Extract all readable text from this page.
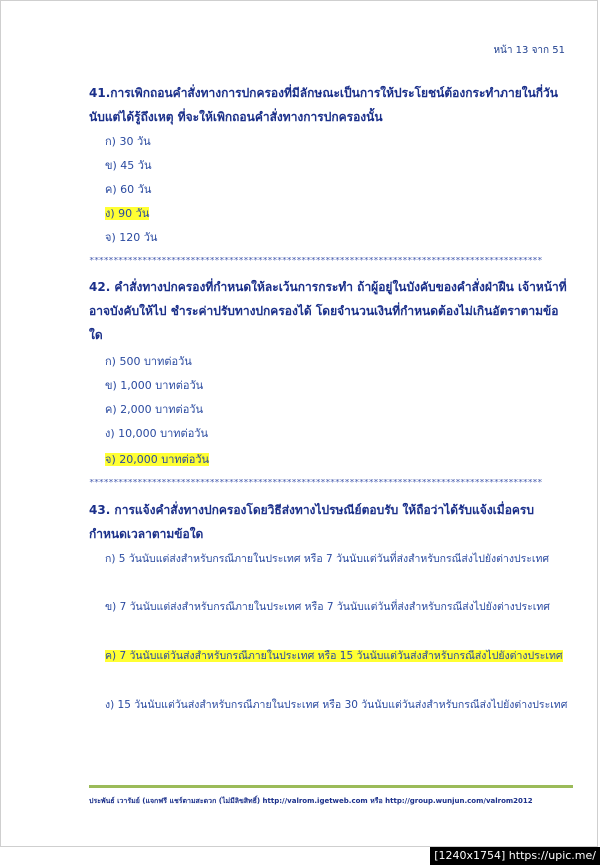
หน้า 13 จาก 51
41.การเพิกถอนคำสั่งทางการปกครองที่มีลักษณะเป็นการให้ประโยชน์ต้องกระทำภายในกี่วันนับแต่ได้รู้ถึงเหตุ ที่จะให้เพิกถอนคำสั่งทางการปกครองนั้น
ก) 30 วัน
ข) 45 วัน
ค) 60 วัน
ง) 90 วัน
จ) 120 วัน
**********************************************************************************************
42. คำสั่งทางปกครองที่กำหนดให้ละเว้นการกระทำ ถ้าผู้อยู่ในบังคับของคำสั่งฝ่าฝืน เจ้าหน้าที่อาจบังคับให้ไป ชำระค่าปรับทางปกครองได้ โดยจำนวนเงินที่กำหนดต้องไม่เกินอัตราตามข้อใด
ก) 500 บาทต่อวัน
ข) 1,000 บาทต่อวัน
ค) 2,000 บาทต่อวัน
ง) 10,000 บาทต่อวัน
จ) 20,000 บาทต่อวัน
**********************************************************************************************
43. การแจ้งคำสั่งทางปกครองโดยวิธีส่งทางไปรษณีย์ตอบรับ ให้ถือว่าได้รับแจ้งเมื่อครบกำหนดเวลาตามข้อใด
ก) 5 วันนับแต่ส่งสำหรับกรณีภายในประเทศ หรือ 7 วันนับแต่วันที่ส่งสำหรับกรณีส่งไปยังต่างประเทศ
ข) 7 วันนับแต่ส่งสำหรับกรณีภายในประเทศ หรือ 7 วันนับแต่วันที่ส่งสำหรับกรณีส่งไปยังต่างประเทศ
ค) 7 วันนับแต่วันส่งสำหรับกรณีภายในประเทศ หรือ 15 วันนับแต่วันส่งสำหรับกรณีส่งไปยังต่างประเทศ
ง) 15 วันนับแต่วันส่งสำหรับกรณีภายในประเทศ หรือ 30 วันนับแต่วันส่งสำหรับกรณีส่งไปยังต่างประเทศ
ประพันธ์ เวารัมย์ (แจกฟรี แชร์ตามสะดวก (ไม่มีลิขสิทธิ์) http://valrom.igetweb.com หรือ http://group.wunjun.com/valrom2012
[1240x1754] https://upic.me/
